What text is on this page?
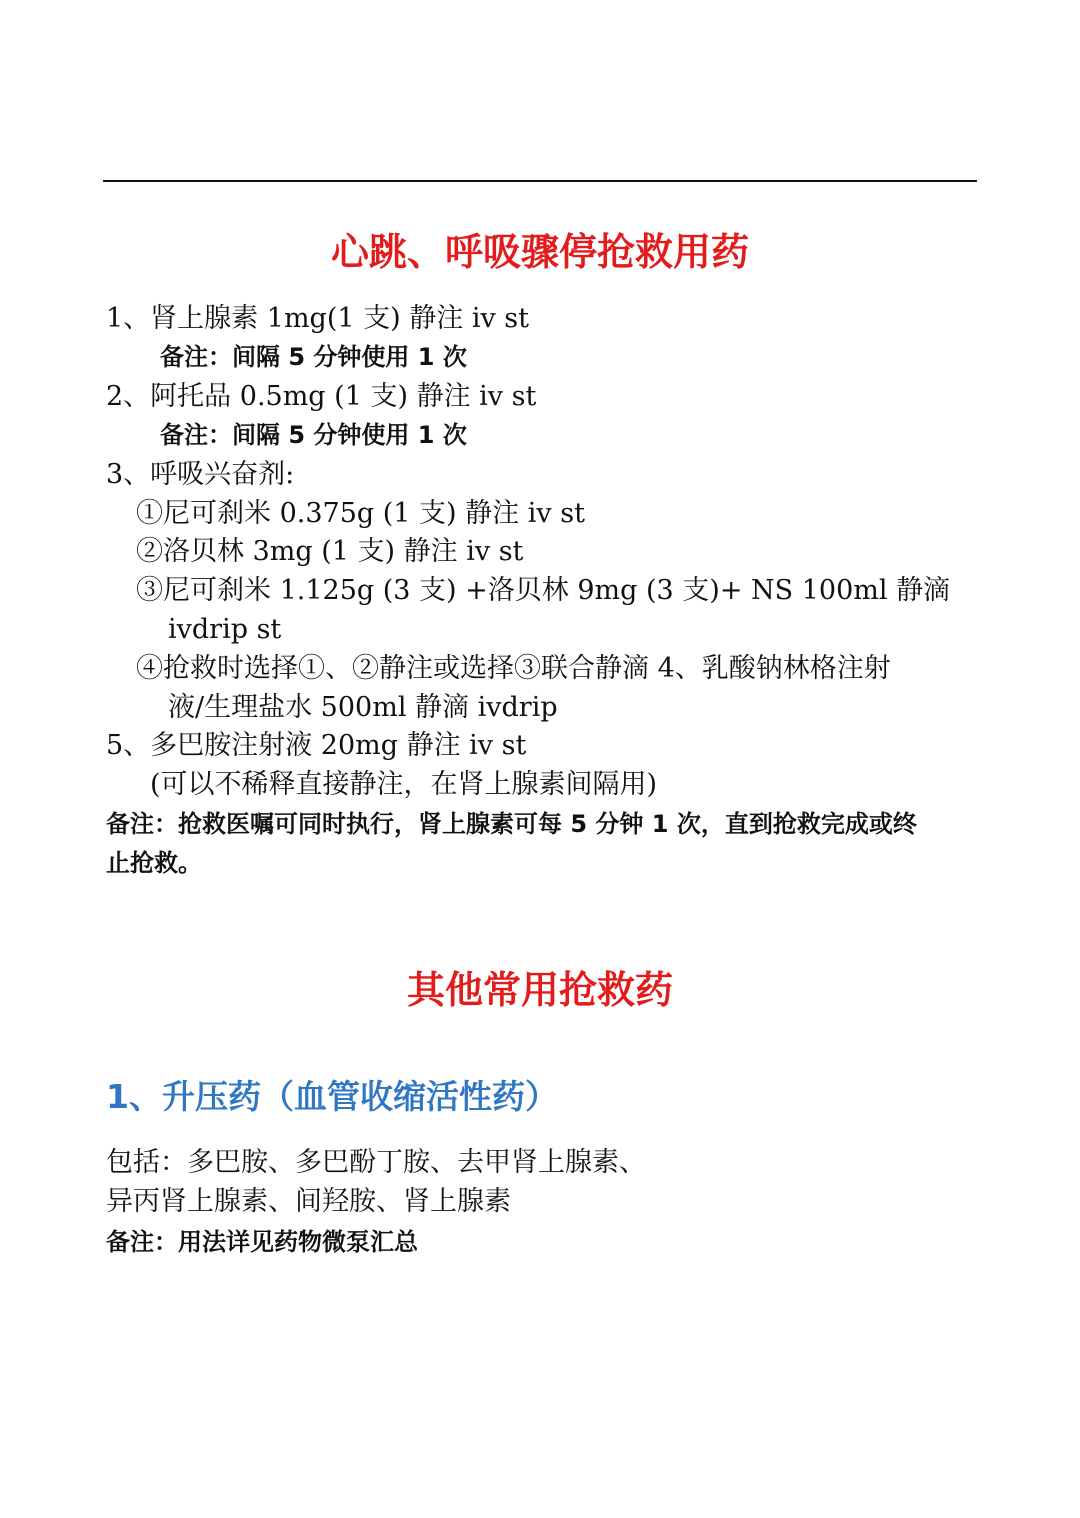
心跳、呼吸骤停抢救用药
1、肾上腺素 1mg(1 支) 静注 iv st
备注：间隔 5 分钟使用 1 次
2、阿托品 0.5mg (1 支) 静注 iv st
备注：间隔 5 分钟使用 1 次
3、呼吸兴奋剂:
①尼可刹米 0.375g (1 支) 静注 iv st
②洛贝林 3mg (1 支) 静注 iv st
③尼可刹米 1.125g (3 支) +洛贝林 9mg (3 支)+ NS 100ml 静滴
ivdrip st
④抢救时选择①、②静注或选择③联合静滴 4、乳酸钠林格注射
液/生理盐水 500ml 静滴 ivdrip
5、多巴胺注射液 20mg 静注 iv st
(可以不稀释直接静注，在肾上腺素间隔用)
备注：抢救医嘱可同时执行，肾上腺素可每 5 分钟 1 次，直到抢救完成或终
止抢救。
其他常用抢救药
1、升压药（血管收缩活性药）
包括：多巴胺、多巴酚丁胺、去甲肾上腺素、
异丙肾上腺素、间羟胺、肾上腺素
备注：用法详见药物微泵汇总
